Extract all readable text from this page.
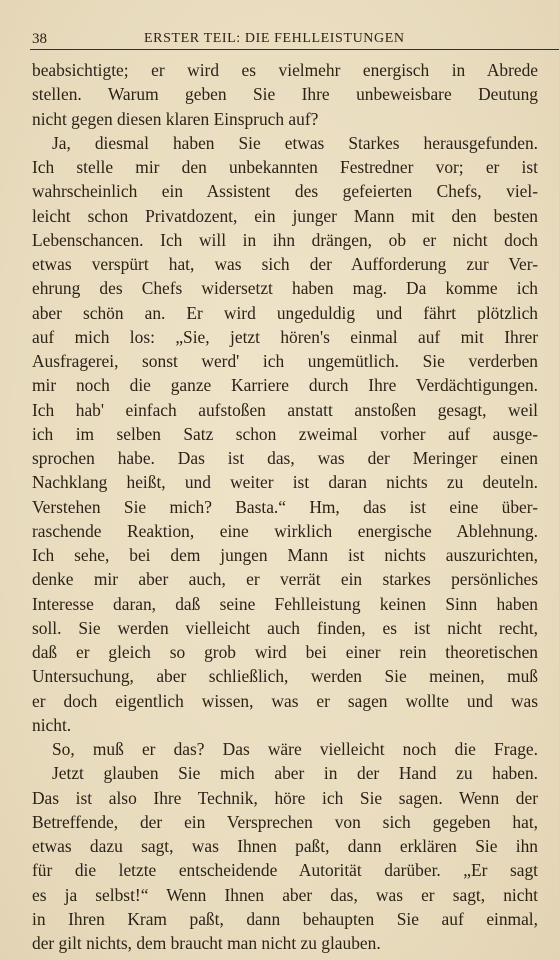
38	ERSTER TEIL: DIE FEHLLEISTUNGEN
beabsichtigte; er wird es vielmehr energisch in Abrede
stellen. Warum geben Sie Ihre unbeweisbare Deutung
nicht gegen diesen klaren Einspruch auf?
Ja, diesmal haben Sie etwas Starkes herausgefunden.
Ich stelle mir den unbekannten Festredner vor; er ist
wahrscheinlich ein Assistent des gefeierten Chefs, viel-
leicht schon Privatdozent, ein junger Mann mit den besten
Lebenschancen. Ich will in ihn drängen, ob er nicht doch
etwas verspürt hat, was sich der Aufforderung zur Ver-
ehrung des Chefs widersetzt haben mag. Da komme ich
aber schön an. Er wird ungeduldig und fährt plötzlich
auf mich los: „Sie, jetzt hören's einmal auf mit Ihrer
Ausfragerei, sonst werd' ich ungemütlich. Sie verderben
mir noch die ganze Karriere durch Ihre Verdächtigungen.
Ich hab' einfach aufstoßen anstatt anstoßen gesagt, weil
ich im selben Satz schon zweimal vorher auf ausge-
sprochen habe. Das ist das, was der Meringer einen
Nachklang heißt, und weiter ist daran nichts zu deuteln.
Verstehen Sie mich? Basta.“ Hm, das ist eine über-
raschende Reaktion, eine wirklich energische Ablehnung.
Ich sehe, bei dem jungen Mann ist nichts auszurichten,
denke mir aber auch, er verrät ein starkes persönliches
Interesse daran, daß seine Fehlleistung keinen Sinn haben
soll. Sie werden vielleicht auch finden, es ist nicht recht,
daß er gleich so grob wird bei einer rein theoretischen
Untersuchung, aber schließlich, werden Sie meinen, muß
er doch eigentlich wissen, was er sagen wollte und was
nicht.
So, muß er das? Das wäre vielleicht noch die Frage.
Jetzt glauben Sie mich aber in der Hand zu haben.
Das ist also Ihre Technik, höre ich Sie sagen. Wenn der
Betreffende, der ein Versprechen von sich gegeben hat,
etwas dazu sagt, was Ihnen paßt, dann erklären Sie ihn
für die letzte entscheidende Autorität darüber. „Er sagt
es ja selbst!“ Wenn Ihnen aber das, was er sagt, nicht
in Ihren Kram paßt, dann behaupten Sie auf einmal,
der gilt nichts, dem braucht man nicht zu glauben.
